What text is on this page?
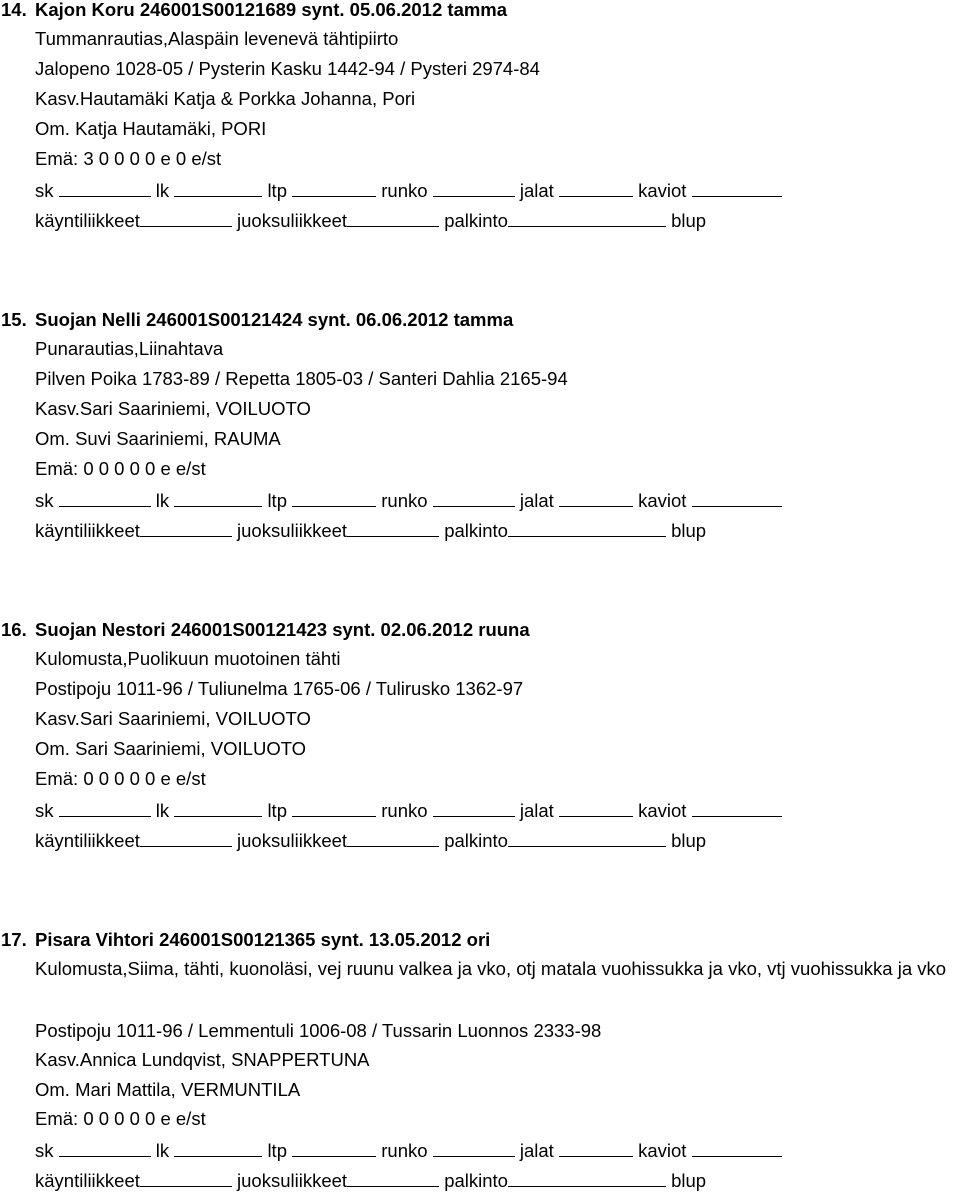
14. Kajon Koru 246001S00121689 synt. 05.06.2012 tamma
Tummanrautias,Alaspäin levenevä tähtipiirto
Jalopeno 1028-05 / Pysterin Kasku 1442-94 / Pysteri 2974-84
Kasv.Hautamäki Katja & Porkka Johanna, Pori
Om. Katja Hautamäki, PORI
Emä: 3 0 0 0 0 e 0 e/st
sk	lk	ltp	runko	jalat	kaviot
käyntiliikkeet	juoksuliikkeet	palkinto	blup
15. Suojan Nelli 246001S00121424 synt. 06.06.2012 tamma
Punarautias,Liinahtava
Pilven Poika 1783-89 / Repetta 1805-03 / Santeri Dahlia 2165-94
Kasv.Sari Saariniemi, VOILUOTO
Om. Suvi Saariniemi, RAUMA
Emä: 0 0 0 0 0 e e/st
sk	lk	ltp	runko	jalat	kaviot
käyntiliikkeet	juoksuliikkeet	palkinto	blup
16. Suojan Nestori 246001S00121423 synt. 02.06.2012 ruuna
Kulomusta,Puolikuun muotoinen tähti
Postipoju 1011-96 / Tuliunelma 1765-06 / Tulirusko 1362-97
Kasv.Sari Saariniemi, VOILUOTO
Om. Sari Saariniemi, VOILUOTO
Emä: 0 0 0 0 0 e e/st
sk	lk	ltp	runko	jalat	kaviot
käyntiliikkeet	juoksuliikkeet	palkinto	blup
17. Pisara Vihtori 246001S00121365 synt. 13.05.2012 ori
Kulomusta,Siima, tähti, kuonoläsi, vej ruunu valkea ja vko, otj matala vuohissukka ja vko, vtj vuohissukka ja vko
Postipoju 1011-96 / Lemmentuli 1006-08 / Tussarin Luonnos 2333-98
Kasv.Annica Lundqvist, SNAPPERTUNA
Om. Mari Mattila, VERMUNTILA
Emä: 0 0 0 0 0 e e/st
sk	lk	ltp	runko	jalat	kaviot
käyntiliikkeet	juoksuliikkeet	palkinto	blup
